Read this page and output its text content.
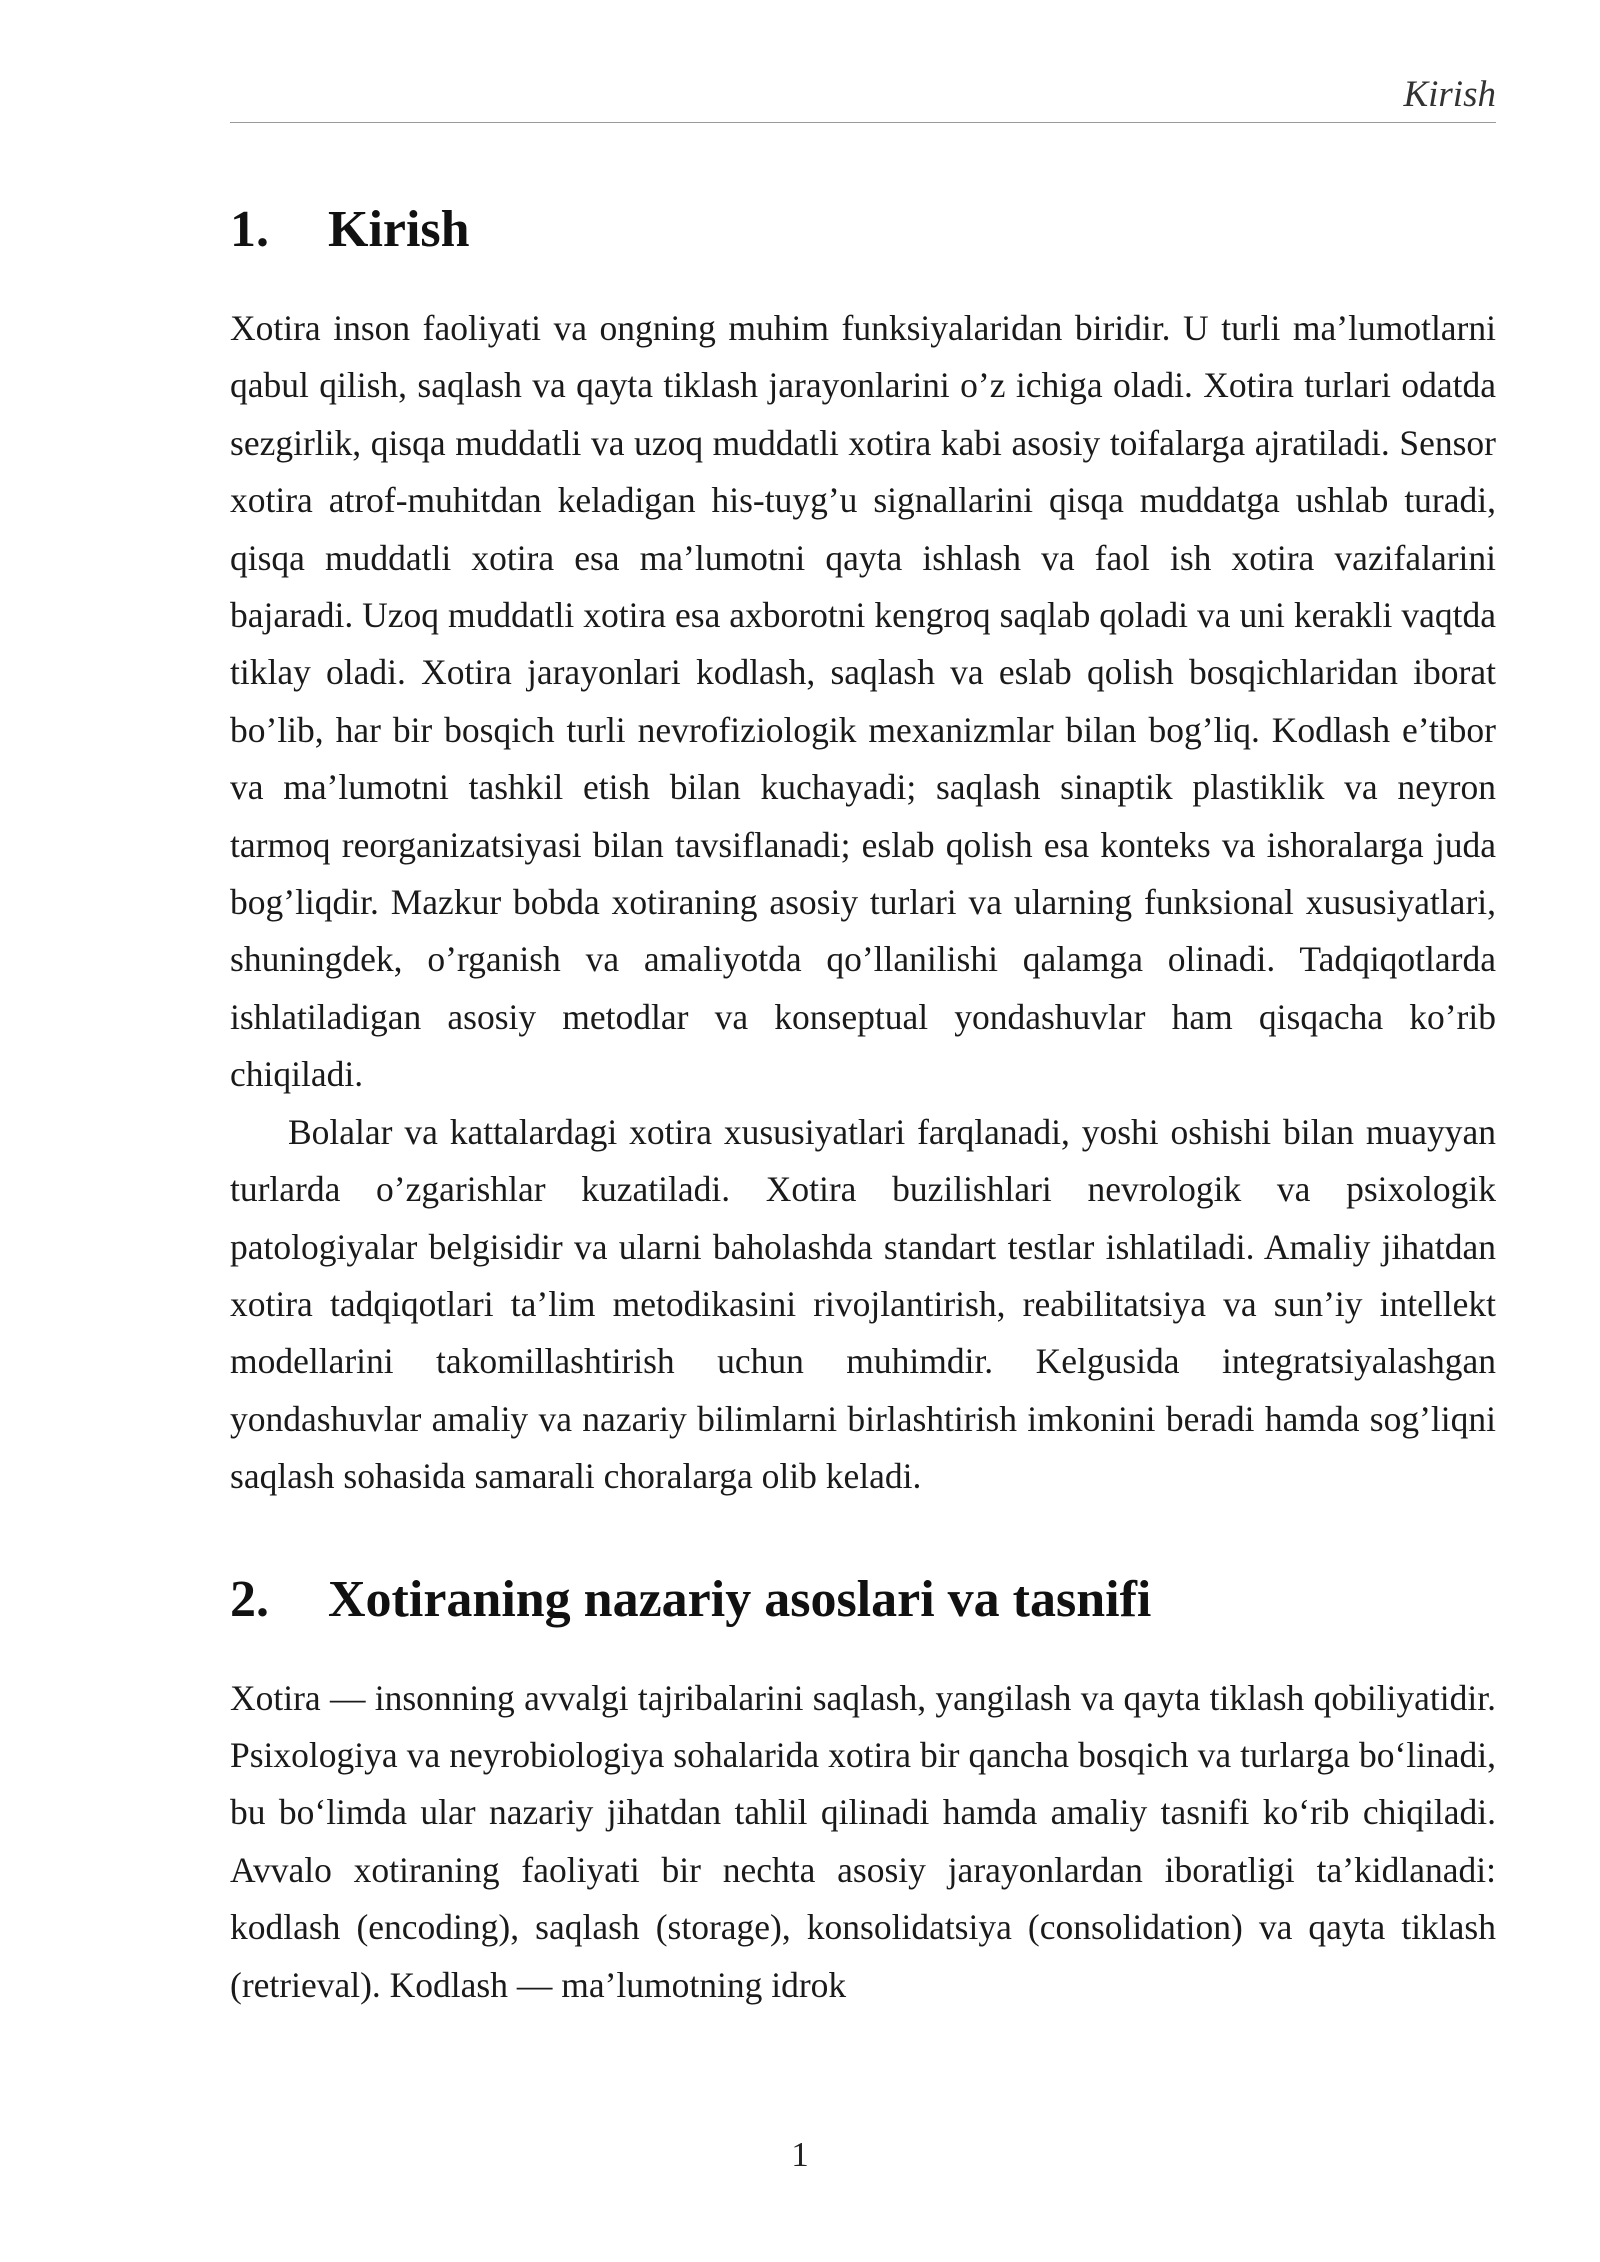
Kirish
1. Kirish

Xotira inson faoliyati va ongning muhim funksiyalaridan biridir. U turli ma’lumotlarni qabul qilish, saqlash va qayta tiklash jarayonlarini o’z ichiga oladi. Xotira turlari odatda sezgirlik, qisqa muddatli va uzoq muddatli xotira kabi asosiy toifalarga ajratiladi. Sensor xotira atrof-muhitdan keladigan his-tuyg’u signallarini qisqa muddatga ushlab turadi, qisqa muddatli xotira esa ma’lumotni qayta ishlash va faol ish xotira vazifalarini bajaradi. Uzoq muddatli xotira esa axborotni kengroq saqlab qoladi va uni kerakli vaqtda tiklay oladi. Xotira jarayonlari kodlash, saqlash va eslab qolish bosqichlaridan iborat bo’lib, har bir bosqich turli nevrofiziologik mexanizmlar bilan bog’liq. Kodlash e’tibor va ma’lumotni tashkil etish bilan kuchayadi; saqlash sinaptik plastiklik va neyron tarmoq reorganizatsiyasi bilan tavsiflanadi; eslab qolish esa konteks va ishoralarga juda bog’liqdir. Mazkur bobda xotiraning asosiy turlari va ularning funksional xususiyatlari, shuningdek, o’rganish va amaliyotda qo’llanilishi qalamga olinadi. Tadqiqotlarda ishlatiladigan asosiy metodlar va konseptual yondashuvlar ham qisqacha ko’rib chiqiladi.

Bolalar va kattalardagi xotira xususiyatlari farqlanadi, yoshi oshishi bilan muayyan turlarda o’zgarishlar kuzatiladi. Xotira buzilishlari nevrologik va psixologik patologiyalar belgisidir va ularni baholashda standart testlar ishlatiladi. Amaliy jihatdan xotira tadqiqotlari ta’lim metodikasini rivojlantirish, reabilitatsiya va sun’iy intellekt modellarini takomillashtirish uchun muhimdir. Kelgusida integratsiyalashgan yondashuvlar amaliy va nazariy bilimlarni birlashtirish imkonini beradi hamda sog’liqni saqlash sohasida samarali choralarga olib keladi.

2. Xotiraning nazariy asoslari va tasnifi

Xotira — insonning avvalgi tajribalarini saqlash, yangilash va qayta tiklash qobiliyatidir. Psixologiya va neyrobiologiya sohalarida xotira bir qancha bosqich va turlarga bo‘linadi, bu bo‘limda ular nazariy jihatdan tahlil qilinadi hamda amaliy tasnifi ko‘rib chiqiladi. Avvalo xotiraning faoliyati bir nechta asosiy jarayonlardan iboratligi ta’kidlanadi: kodlash (encoding), saqlash (storage), konsolidatsiya (consolidation) va qayta tiklash (retrieval). Kodlash — ma’lumotning idrok

1
